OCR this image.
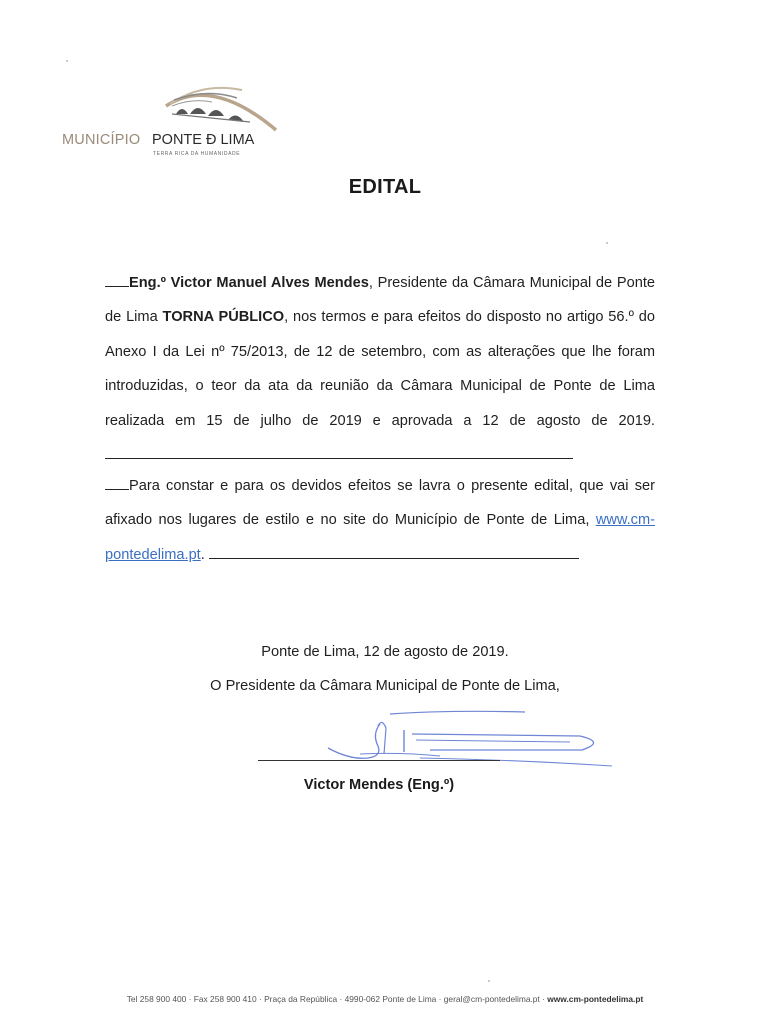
MUNICÍPIO PONTE Ð LIMA
TERRA RICA DA HUMANIDADE
EDITAL
Eng.º Victor Manuel Alves Mendes, Presidente da Câmara Municipal de Ponte de Lima TORNA PÚBLICO, nos termos e para efeitos do disposto no artigo 56.º do Anexo I da Lei nº 75/2013, de 12 de setembro, com as alterações que lhe foram introduzidas, o teor da ata da reunião da Câmara Municipal de Ponte de Lima realizada em 15 de julho de 2019 e aprovada a 12 de agosto de 2019.
Para constar e para os devidos efeitos se lavra o presente edital, que vai ser afixado nos lugares de estilo e no site do Município de Ponte de Lima, www.cm-pontedelima.pt.
Ponte de Lima, 12 de agosto de 2019.
O Presidente da Câmara Municipal de Ponte de Lima,
Victor Mendes (Eng.º)
Tel 258 900 400 · Fax 258 900 410 · Praça da República · 4990-062 Ponte de Lima · geral@cm-pontedelima.pt · www.cm-pontedelima.pt
